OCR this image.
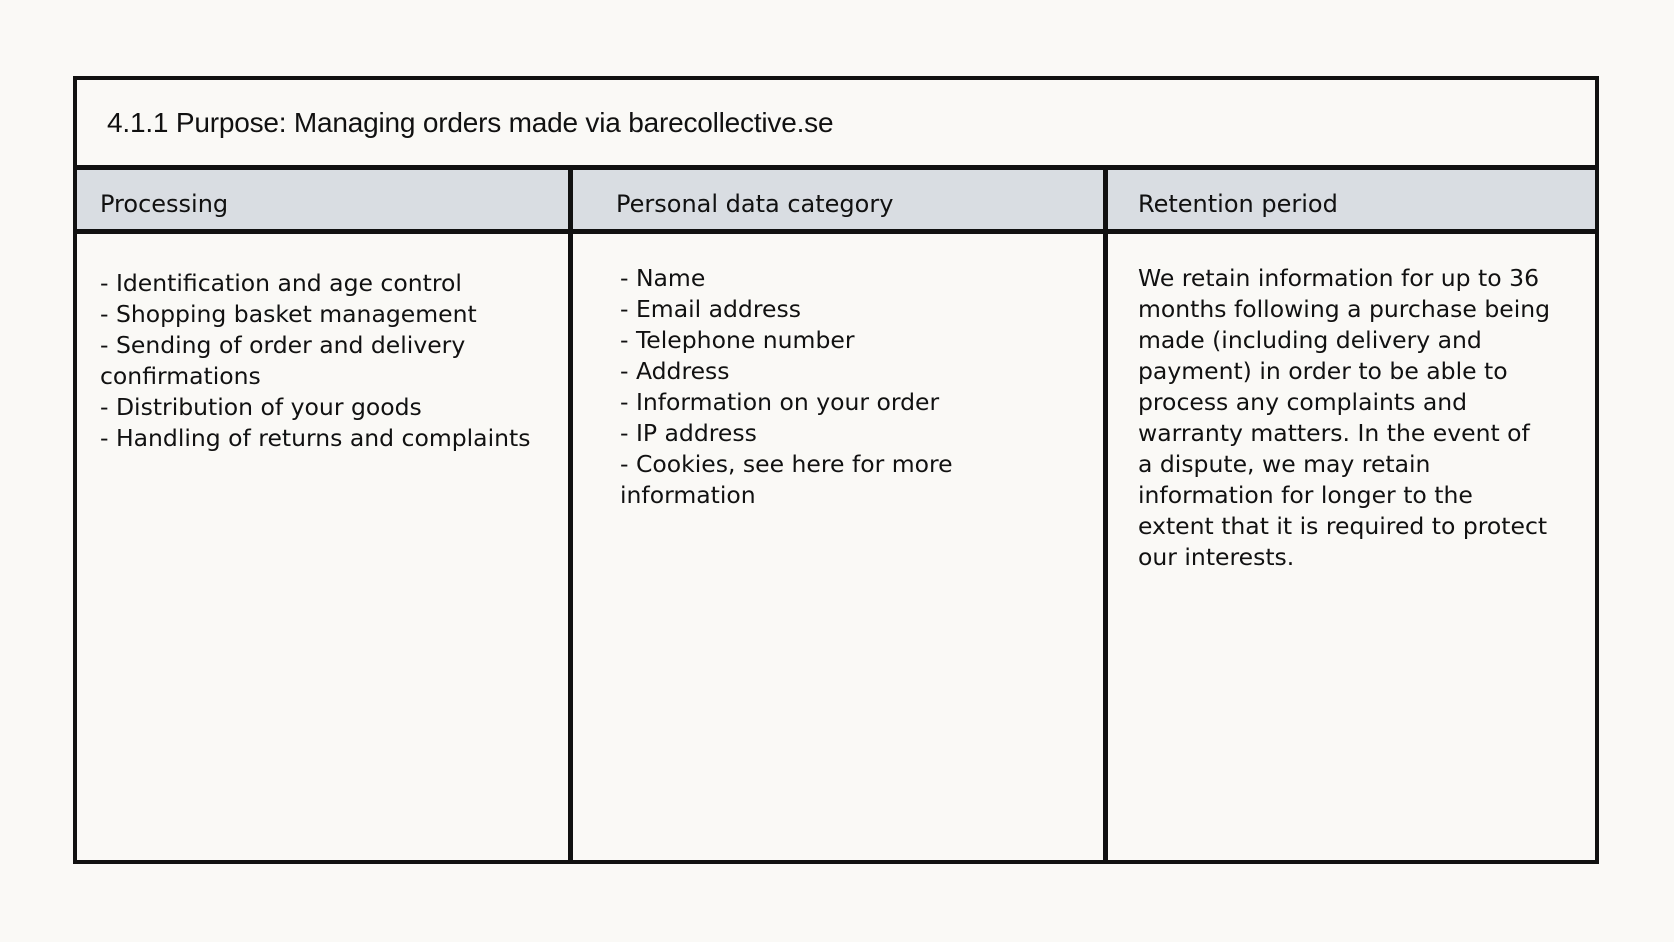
4.1.1 Purpose: Managing orders made via barecollective.se
Processing	Personal data category	Retention period
- Identification and age control
- Shopping basket management
- Sending of order and delivery
confirmations
- Distribution of your goods
- Handling of returns and complaints
- Name
- Email address
- Telephone number
- Address
- Information on your order
- IP address
- Cookies, see here for more
information
We retain information for up to 36
months following a purchase being
made (including delivery and
payment) in order to be able to
process any complaints and
warranty matters. In the event of
a dispute, we may retain
information for longer to the
extent that it is required to protect
our interests.
